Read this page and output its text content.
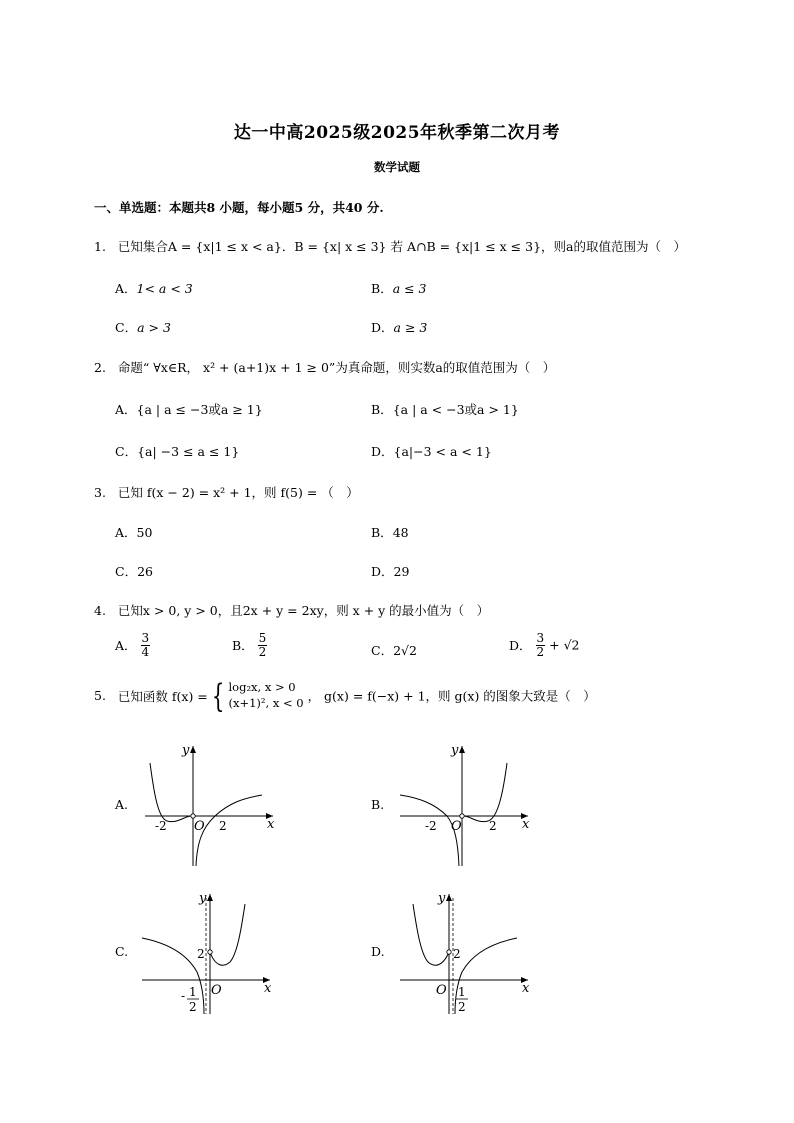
达一中高2025级2025年秋季第二次月考
数学试题
一、单选题：本题共8 小题，每小题5 分，共40 分.
1. 已知集合A = {x|1 ≤ x < a}．B = {x| x ≤ 3} 若 A∩B = {x|1 ≤ x ≤ 3}，则a的取值范围为（　）
A．1< a < 3	B．a ≤ 3
C．a > 3	D．a ≥ 3
2. 命题“ ∀x∈R， x² + (a+1)x + 1 ≥ 0”为真命题，则实数a的取值范围为（　）
A．{a | a ≤ −3或a ≥ 1}	B．{a | a < −3或a > 1}
C．{a| −3 ≤ a ≤ 1}	D．{a|−3 < a < 1}
3. 已知 f(x − 2) = x² + 1，则 f(5) = （　）
A．50	B．48
C．26	D．29
4. 已知x > 0, y > 0，且2x + y = 2xy，则 x + y 的最小值为（　）
A． $\frac{3}{4}$	B． $\frac{5}{2}$	C．2√2	D． $\frac{3}{2} + √2$
5. 已知函数 f(x) = { log₂x, x > 0
(x+1)², x < 0 ， g(x) = f(−x) + 1，则 g(x) 的图象大致是（　）
A.	B.
C.	D.
y
x
O
-2	2
y
x
O
-2	2
y
x
O
2
- 1
2
y
x
O
2
1
2
